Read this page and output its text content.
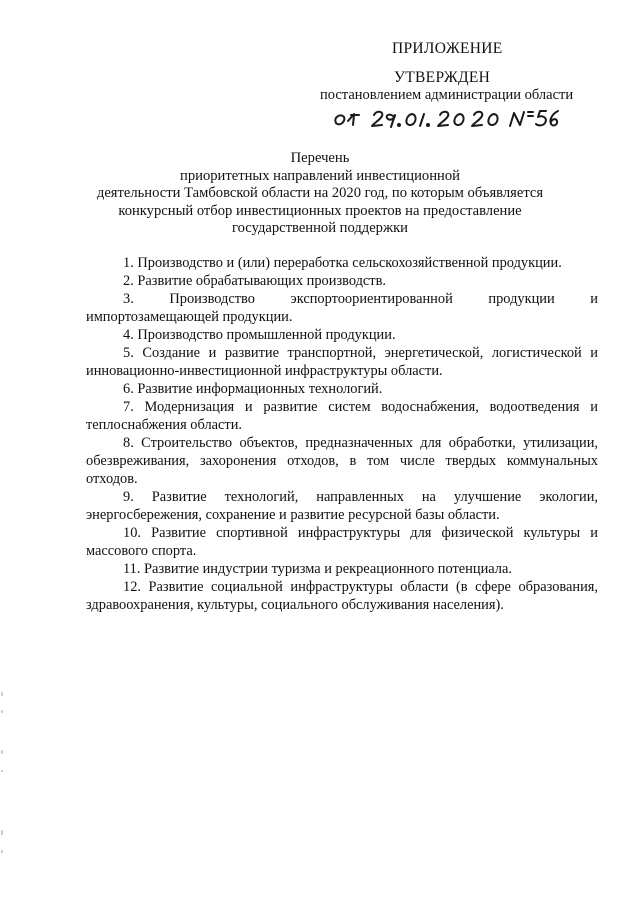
ПРИЛОЖЕНИЕ
УТВЕРЖДЕН
постановлением администрации области
Перечень
приоритетных направлений инвестиционной
деятельности Тамбовской области на 2020 год, по которым объявляется
конкурсный отбор инвестиционных проектов на предоставление
государственной поддержки

1. Производство и (или) переработка сельскохозяйственной продукции.

2. Развитие обрабатывающих производств.

3. Производство экспортоориентированной продукции и импортозамещающей продукции.

4. Производство промышленной продукции.

5. Создание и развитие транспортной, энергетической, логистической и инновационно-инвестиционной инфраструктуры области.

6. Развитие информационных технологий.

7. Модернизация и развитие систем водоснабжения, водоотведения и теплоснабжения области.

8. Строительство объектов, предназначенных для обработки, утилизации, обезвреживания, захоронения отходов, в том числе твердых коммунальных отходов.

9. Развитие технологий, направленных на улучшение экологии, энергосбережения, сохранение и развитие ресурсной базы области.

10. Развитие спортивной инфраструктуры для физической культуры и массового спорта.

11. Развитие индустрии туризма и рекреационного потенциала.

12. Развитие социальной инфраструктуры области (в сфере образования, здравоохранения, культуры, социального обслуживания населения).
